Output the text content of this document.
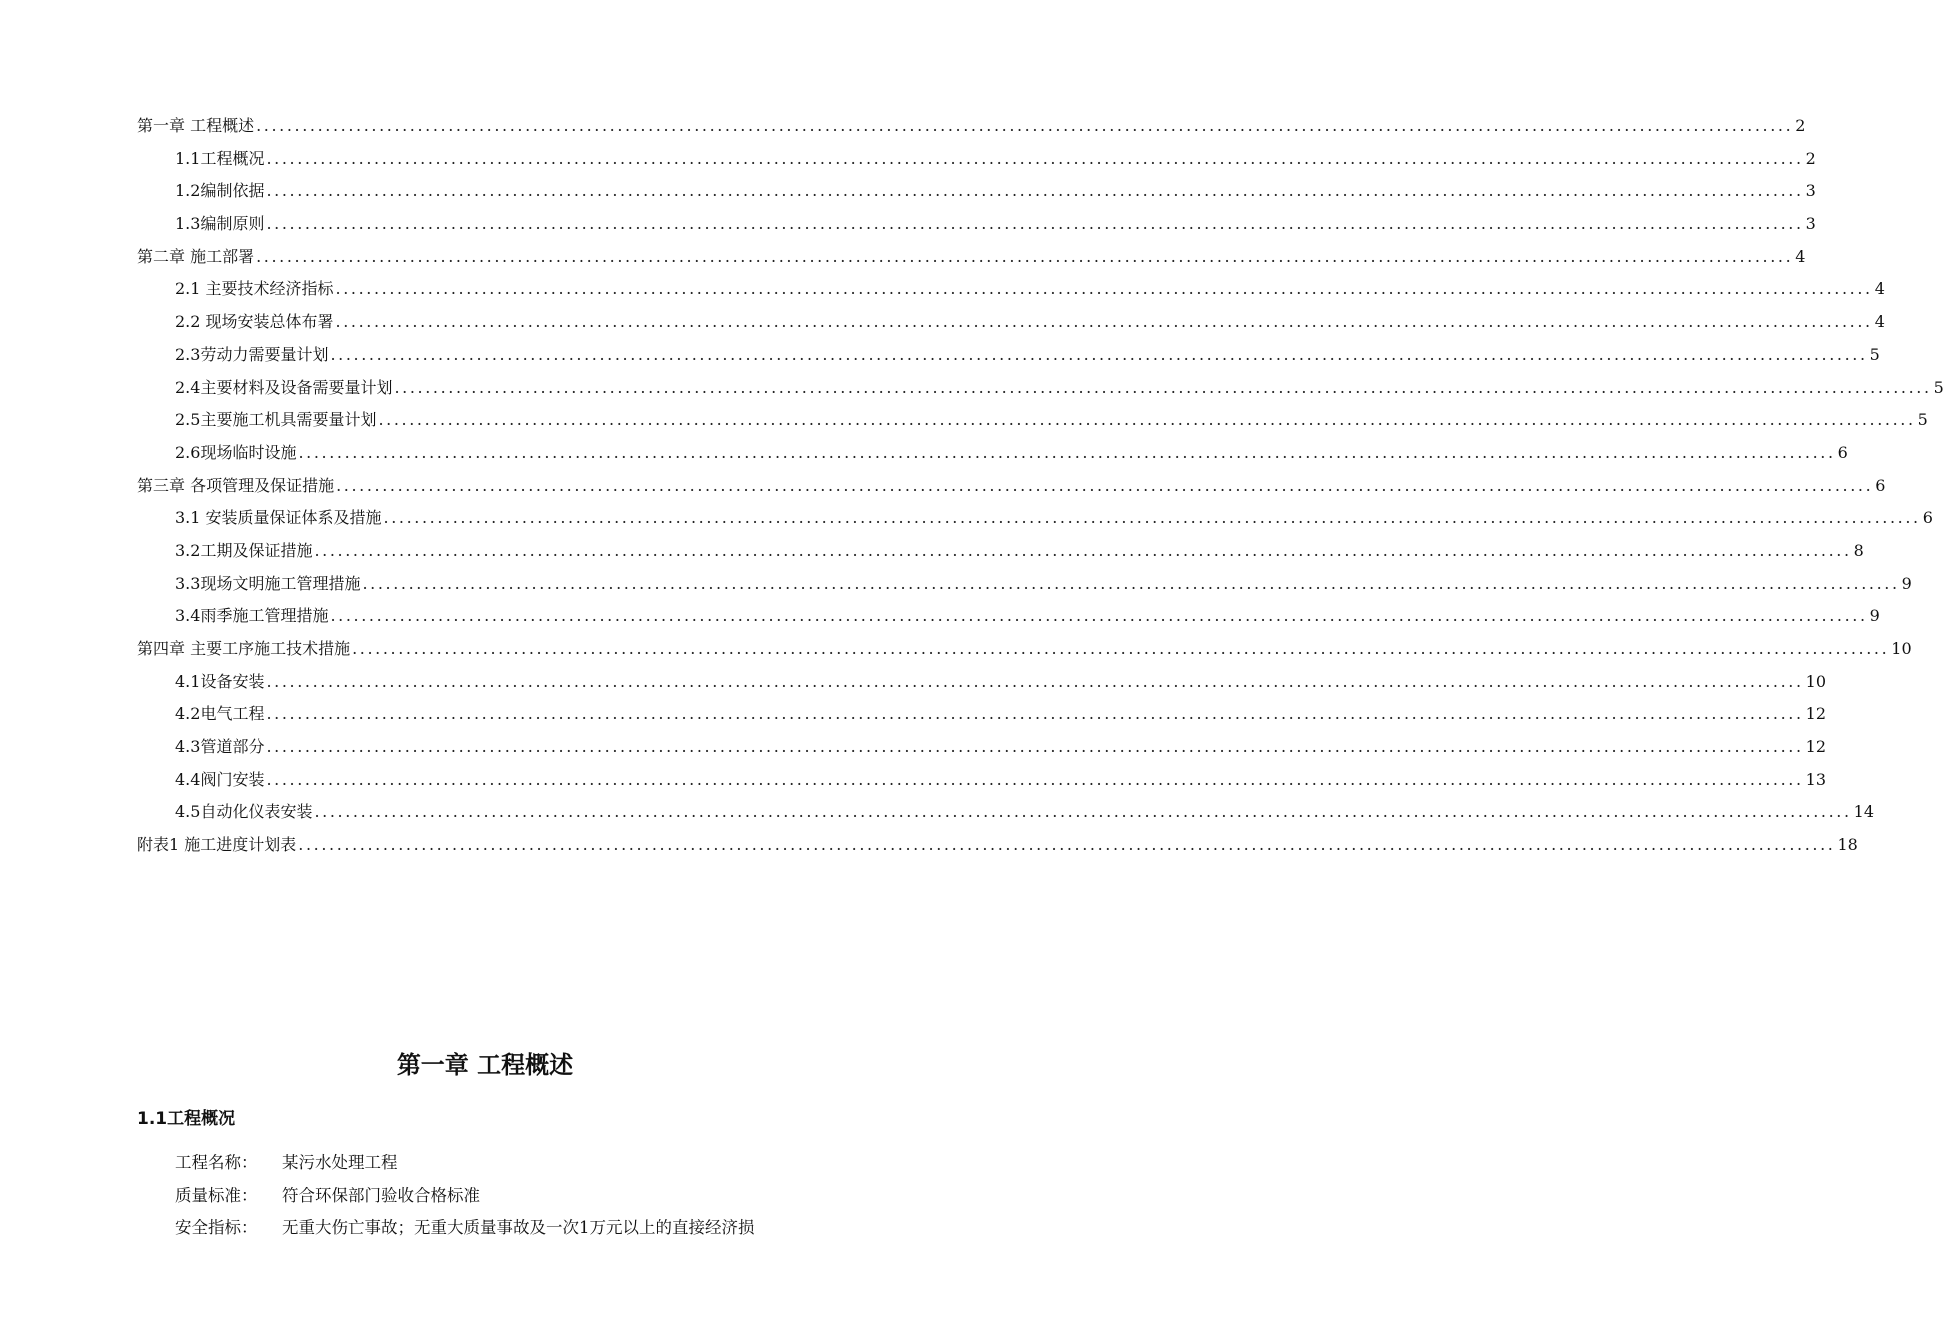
第一章 工程概述 ........................................................................................................................................................................................................ 2
1.1工程概况 ........................................................................................................................................................................................................ 2
1.2编制依据 ........................................................................................................................................................................................................ 3
1.3编制原则 ........................................................................................................................................................................................................ 3
第二章 施工部署 ........................................................................................................................................................................................................ 4
2.1 主要技术经济指标 ........................................................................................................................................................................................................ 4
2.2 现场安装总体布署 ........................................................................................................................................................................................................ 4
2.3劳动力需要量计划 ........................................................................................................................................................................................................ 5
2.4主要材料及设备需要量计划 ........................................................................................................................................................................................................ 5
2.5主要施工机具需要量计划 ........................................................................................................................................................................................................ 5
2.6现场临时设施 ........................................................................................................................................................................................................ 6
第三章 各项管理及保证措施 ........................................................................................................................................................................................................ 6
3.1 安装质量保证体系及措施 ........................................................................................................................................................................................................ 6
3.2工期及保证措施 ........................................................................................................................................................................................................ 8
3.3现场文明施工管理措施 ........................................................................................................................................................................................................ 9
3.4雨季施工管理措施 ........................................................................................................................................................................................................ 9
第四章 主要工序施工技术措施 ........................................................................................................................................................................................................ 10
4.1设备安装 ........................................................................................................................................................................................................ 10
4.2电气工程 ........................................................................................................................................................................................................ 12
4.3管道部分 ........................................................................................................................................................................................................ 12
4.4阀门安装 ........................................................................................................................................................................................................ 13
4.5自动化仪表安装 ........................................................................................................................................................................................................ 14
附表1 施工进度计划表 ........................................................................................................................................................................................................ 18
第一章 工程概述
1.1工程概况
工程名称：	某污水处理工程
质量标准：	符合环保部门验收合格标准
安全指标：	无重大伤亡事故；无重大质量事故及一次1万元以上的直接经济损
